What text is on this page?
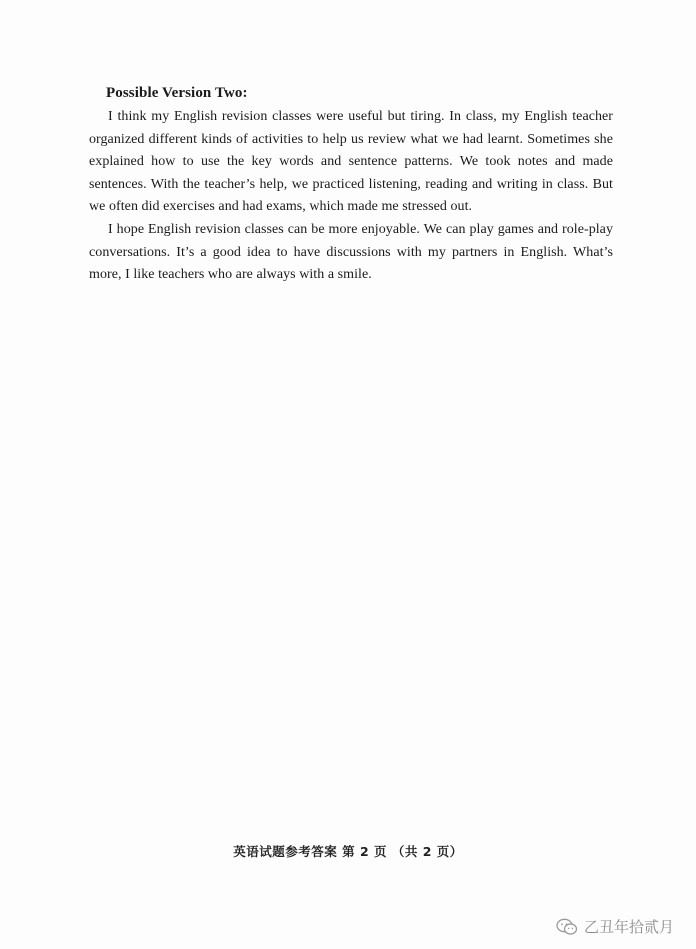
Possible Version Two:

I think my English revision classes were useful but tiring. In class, my English teacher organized different kinds of activities to help us review what we had learnt. Sometimes she explained how to use the key words and sentence patterns. We took notes and made sentences. With the teacher’s help, we practiced listening, reading and writing in class. But we often did exercises and had exams, which made me stressed out.

I hope English revision classes can be more enjoyable. We can play games and role-play conversations. It’s a good idea to have discussions with my partners in English. What’s more, I like teachers who are always with a smile.

英语试题参考答案 第 2 页 （共 2 页）
乙丑年拾贰月
